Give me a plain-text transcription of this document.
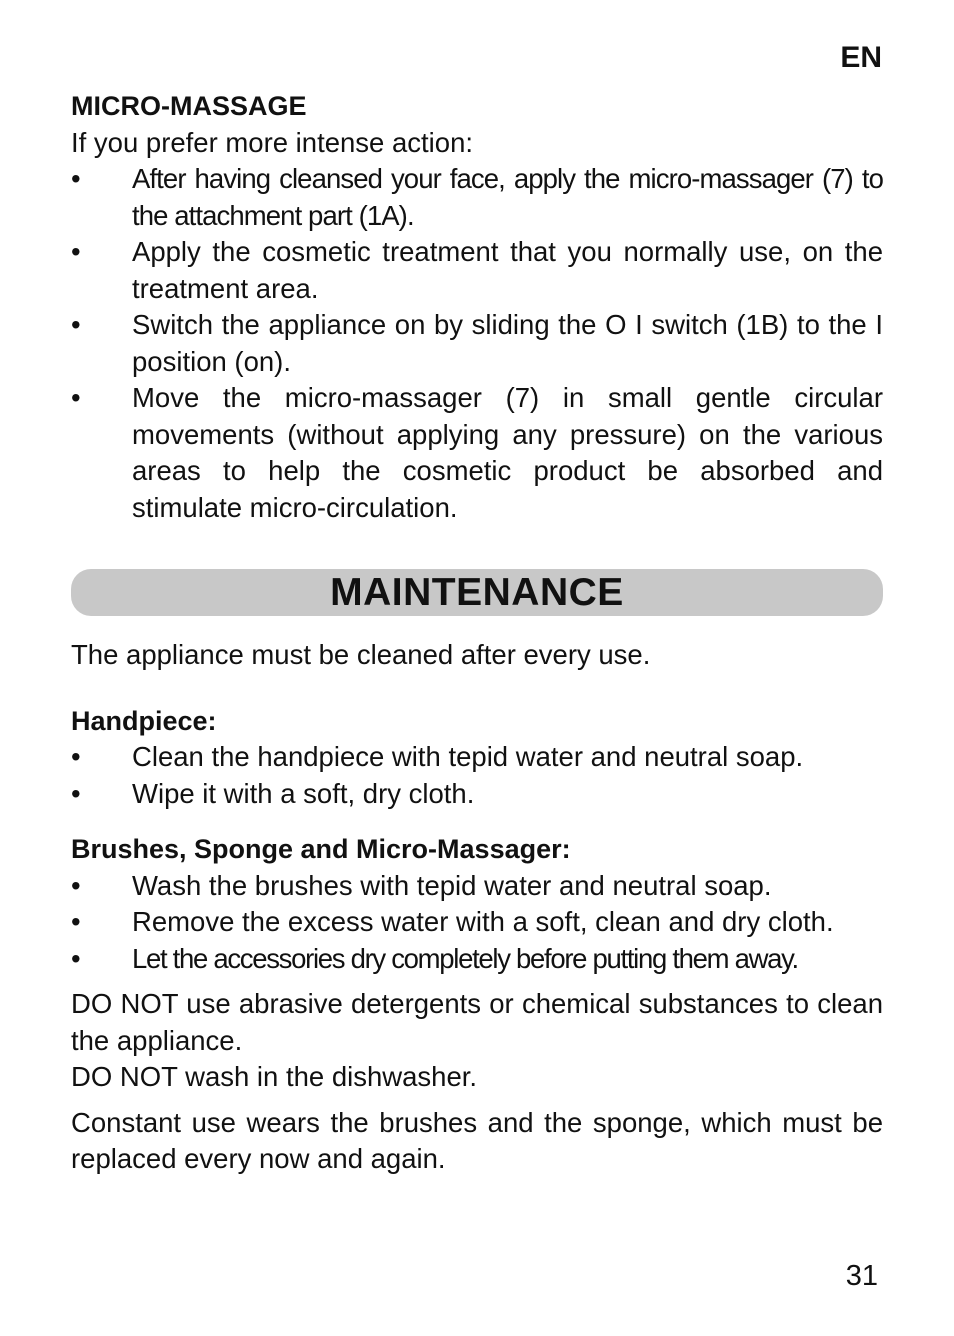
EN

MICRO-MASSAGE

If you prefer more intense action:

•	After having cleansed your face, apply the micro-massager (7) to the attachment part (1A).
•	Apply the cosmetic treatment that you normally use, on the treatment area.
•	Switch the appliance on by sliding the O I switch (1B) to the I position (on).
•	Move the micro-massager (7) in small gentle circular movements (without applying any pressure) on the various areas to help the cosmetic product be absorbed and stimulate micro-circulation.
MAINTENANCE

The appliance must be cleaned after every use.

Handpiece:

•	Clean the handpiece with tepid water and neutral soap.
•	Wipe it with a soft, dry cloth.

Brushes, Sponge and Micro-Massager:

•	Wash the brushes with tepid water and neutral soap.
•	Remove the excess water with a soft, clean and dry cloth.
•	Let the accessories dry completely before putting them away.

DO NOT use abrasive detergents or chemical substances to clean the appliance.

DO NOT wash in the dishwasher.

Constant use wears the brushes and the sponge, which must be replaced every now and again.

31
